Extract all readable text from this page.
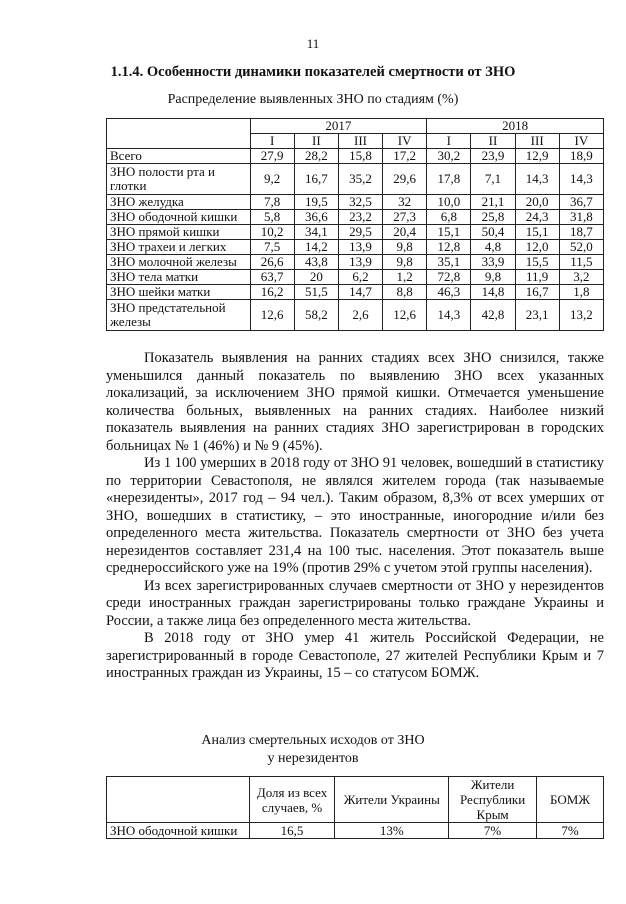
11
1.1.4. Особенности динамики показателей смертности от ЗНО
Распределение выявленных ЗНО по стадиям (%)
	2017				2018			
	I	II	III	IV	I	II	III	IV
Всего	27,9	28,2	15,8	17,2	30,2	23,9	12,9	18,9
ЗНО полости рта и глотки	9,2	16,7	35,2	29,6	17,8	7,1	14,3	14,3
ЗНО желудка	7,8	19,5	32,5	32	10,0	21,1	20,0	36,7
ЗНО ободочной кишки	5,8	36,6	23,2	27,3	6,8	25,8	24,3	31,8
ЗНО прямой кишки	10,2	34,1	29,5	20,4	15,1	50,4	15,1	18,7
ЗНО трахеи и легких	7,5	14,2	13,9	9,8	12,8	4,8	12,0	52,0
ЗНО молочной железы	26,6	43,8	13,9	9,8	35,1	33,9	15,5	11,5
ЗНО тела матки	63,7	20	6,2	1,2	72,8	9,8	11,9	3,2
ЗНО шейки матки	16,2	51,5	14,7	8,8	46,3	14,8	16,7	1,8
ЗНО предстательной железы	12,6	58,2	2,6	12,6	14,3	42,8	23,1	13,2

Показатель выявления на ранних стадиях всех ЗНО снизился, также уменьшился данный показатель по выявлению ЗНО всех указанных локализаций, за исключением ЗНО прямой кишки. Отмечается уменьшение количества больных, выявленных на ранних стадиях. Наиболее низкий показатель выявления на ранних стадиях ЗНО зарегистрирован в городских больницах № 1 (46%) и № 9 (45%).

Из 1 100 умерших в 2018 году от ЗНО 91 человек, вошедший в статистику по территории Севастополя, не являлся жителем города (так называемые «нерезиденты», 2017 год – 94 чел.). Таким образом, 8,3% от всех умерших от ЗНО, вошедших в статистику, – это иностранные, иногородние и/или без определенного места жительства. Показатель смертности от ЗНО без учета нерезидентов составляет 231,4 на 100 тыс. населения. Этот показатель выше среднероссийского уже на 19% (против 29% с учетом этой группы населения).

Из всех зарегистрированных случаев смертности от ЗНО у нерезидентов среди иностранных граждан зарегистрированы только граждане Украины и России, а также лица без определенного места жительства.

В 2018 году от ЗНО умер 41 житель Российской Федерации, не зарегистрированный в городе Севастополе, 27 жителей Республики Крым и 7 иностранных граждан из Украины, 15 – со статусом БОМЖ.

Анализ смертельных исходов от ЗНО
у нерезидентов
	Доля из всех случаев, %	Жители Украины	Жители Республики Крым	БОМЖ
ЗНО ободочной кишки	16,5	13%	7%	7%
